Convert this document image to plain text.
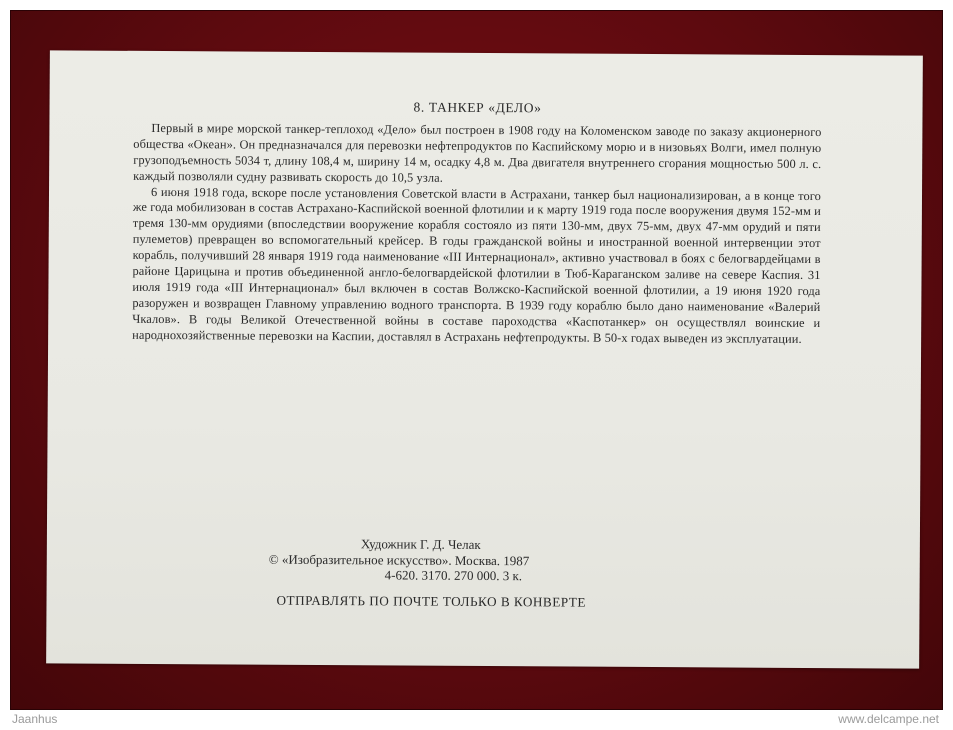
8. ТАНКЕР «ДЕЛО»

Первый в мире морской танкер-теплоход «Дело» был построен в 1908 году на Коломенском заводе по заказу акционерного общества «Океан». Он предназначался для перевозки нефтепродуктов по Каспийскому морю и в низовьях Волги, имел полную грузоподъемность 5034 т, длину 108,4 м, ширину 14 м, осадку 4,8 м. Два двигателя внутреннего сгорания мощностью 500 л. с. каждый позволяли судну развивать скорость до 10,5 узла.

6 июня 1918 года, вскоре после установления Советской власти в Астрахани, танкер был национализирован, а в конце того же года мобилизован в состав Астрахано-Каспийской военной флотилии и к марту 1919 года после вооружения двумя 152-мм и тремя 130-мм орудиями (впоследствии вооружение корабля состояло из пяти 130-мм, двух 75-мм, двух 47-мм орудий и пяти пулеметов) превращен во вспомогательный крейсер. В годы гражданской войны и иностранной военной интервенции этот корабль, получивший 28 января 1919 года наименование «III Интернационал», активно участвовал в боях с белогвардейцами в районе Царицына и против объединенной англо-белогвардейской флотилии в Тюб-Караганском заливе на севере Каспия. 31 июля 1919 года «III Интернационал» был включен в состав Волжско-Каспийской военной флотилии, а 19 июня 1920 года разоружен и возвращен Главному управлению водного транспорта. В 1939 году кораблю было дано наименование «Валерий Чкалов». В годы Великой Отечественной войны в составе пароходства «Каспотанкер» он осуществлял воинские и народнохозяйственные перевозки на Каспии, доставлял в Астрахань нефтепродукты. В 50-х годах выведен из эксплуатации.

Художник Г. Д. Челак
© «Изобразительное искусство». Москва. 1987
4-620. 3170. 270 000. 3 к.
ОТПРАВЛЯТЬ ПО ПОЧТЕ ТОЛЬКО В КОНВЕРТЕ
Jaanhus	www.delcampe.net
